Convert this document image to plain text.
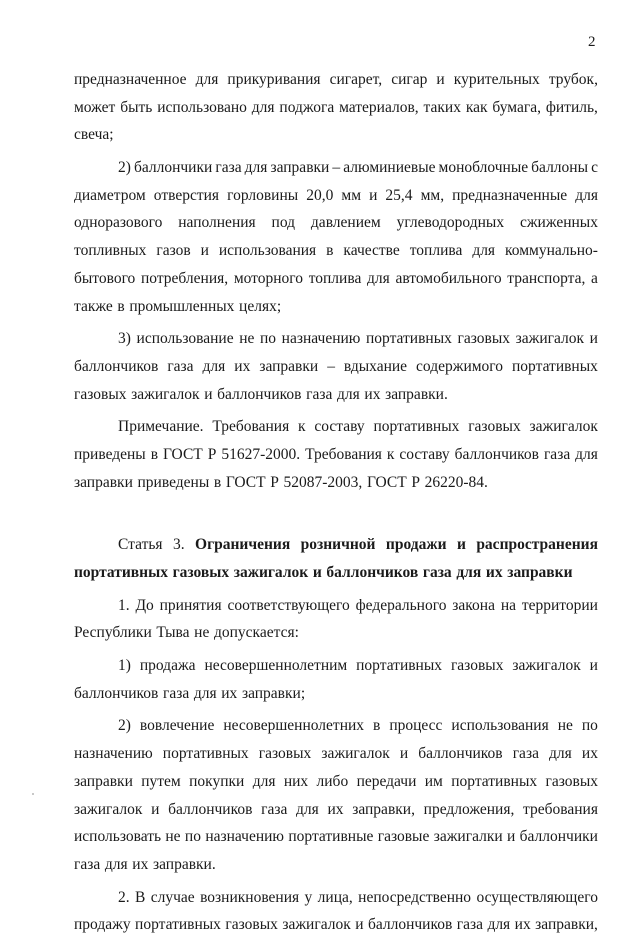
2

предназначенное для прикуривания сигарет, сигар и курительных трубок,
может быть использовано для поджога материалов, таких как бумага, фитиль,
свеча;

2) баллончики газа для заправки – алюминиевые моноблочные баллоны с
диаметром отверстия горловины 20,0 мм и 25,4 мм, предназначенные для
одноразового наполнения под давлением углеводородных сжиженных
топливных газов и использования в качестве топлива для коммунально-
бытового потребления, моторного топлива для автомобильного транспорта, а
также в промышленных целях;

3) использование не по назначению портативных газовых зажигалок и
баллончиков газа для их заправки – вдыхание содержимого портативных
газовых зажигалок и баллончиков газа для их заправки.

Примечание. Требования к составу портативных газовых зажигалок
приведены в ГОСТ Р 51627-2000. Требования к составу баллончиков газа для
заправки приведены в ГОСТ Р 52087-2003, ГОСТ Р 26220-84.

Статья 3. Ограничения розничной продажи и распространения
портативных газовых зажигалок и баллончиков газа для их заправки

1. До принятия соответствующего федерального закона на территории
Республики Тыва не допускается:

1) продажа несовершеннолетним портативных газовых зажигалок и
баллончиков газа для их заправки;

2) вовлечение несовершеннолетних в процесс использования не по
назначению портативных газовых зажигалок и баллончиков газа для их
заправки путем покупки для них либо передачи им портативных газовых
зажигалок и баллончиков газа для их заправки, предложения, требования
использовать не по назначению портативные газовые зажигалки и баллончики
газа для их заправки.

2. В случае возникновения у лица, непосредственно осуществляющего
продажу портативных газовых зажигалок и баллончиков газа для их заправки,
